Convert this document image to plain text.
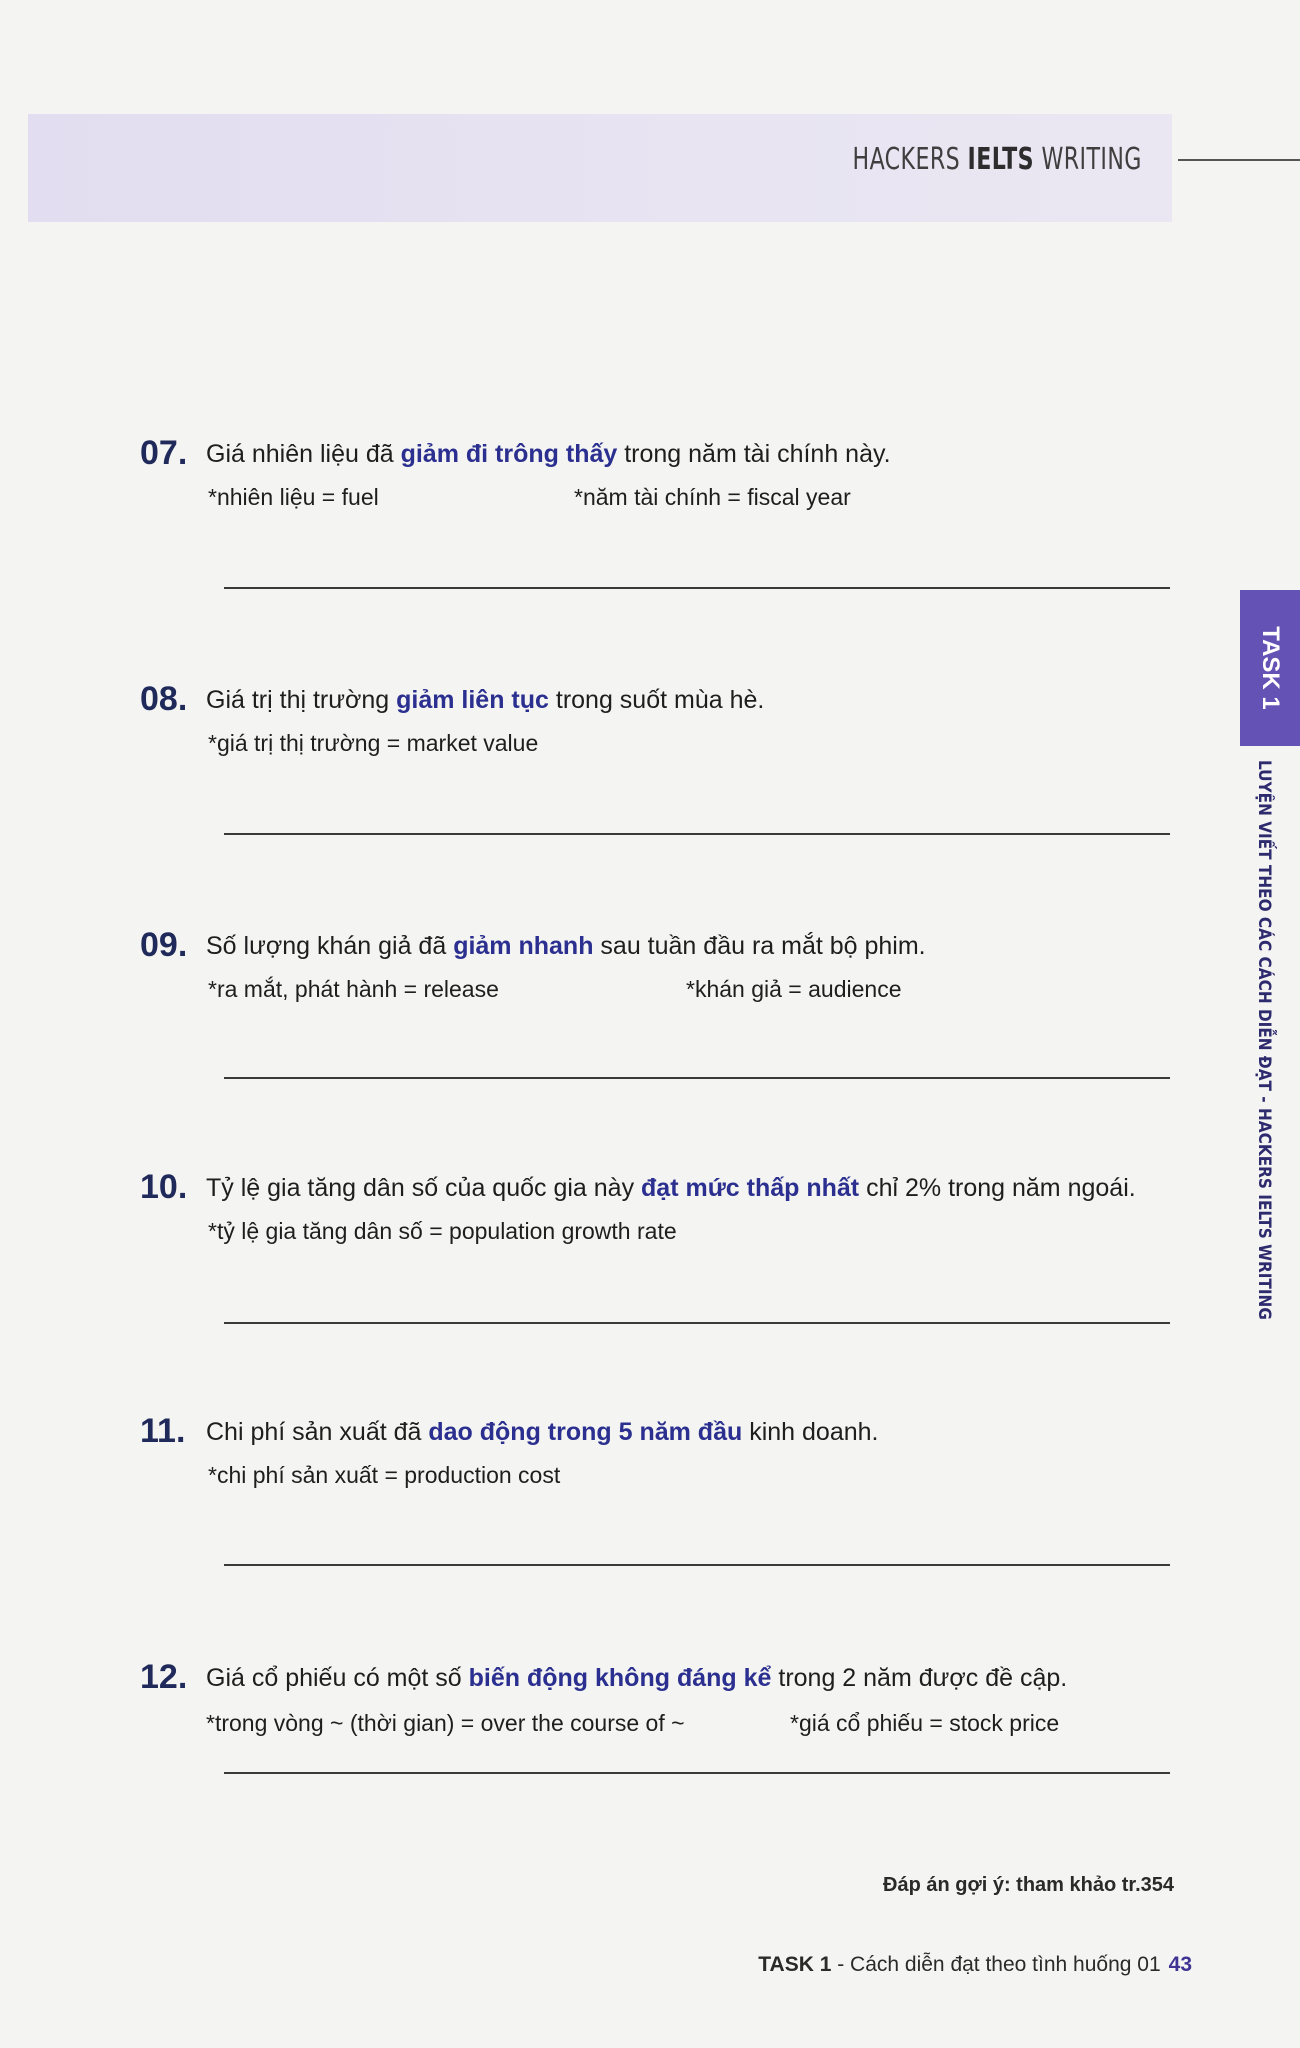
HACKERS IELTS WRITING
TASK 1
LUYỆN VIẾT THEO CÁC CÁCH DIỄN ĐẠT - HACKERS IELTS WRITING
07. Giá nhiên liệu đã giảm đi trông thấy trong năm tài chính này.
*nhiên liệu = fuel	*năm tài chính = fiscal year
08. Giá trị thị trường giảm liên tục trong suốt mùa hè.
*giá trị thị trường = market value
09. Số lượng khán giả đã giảm nhanh sau tuần đầu ra mắt bộ phim.
*ra mắt, phát hành = release	*khán giả = audience
10. Tỷ lệ gia tăng dân số của quốc gia này đạt mức thấp nhất chỉ 2% trong năm ngoái.
*tỷ lệ gia tăng dân số = population growth rate
11. Chi phí sản xuất đã dao động trong 5 năm đầu kinh doanh.
*chi phí sản xuất = production cost
12. Giá cổ phiếu có một số biến động không đáng kể trong 2 năm được đề cập.
*trong vòng ~ (thời gian) = over the course of ~	*giá cổ phiếu = stock price
Đáp án gợi ý: tham khảo tr.354
TASK 1 - Cách diễn đạt theo tình huống 01 43
